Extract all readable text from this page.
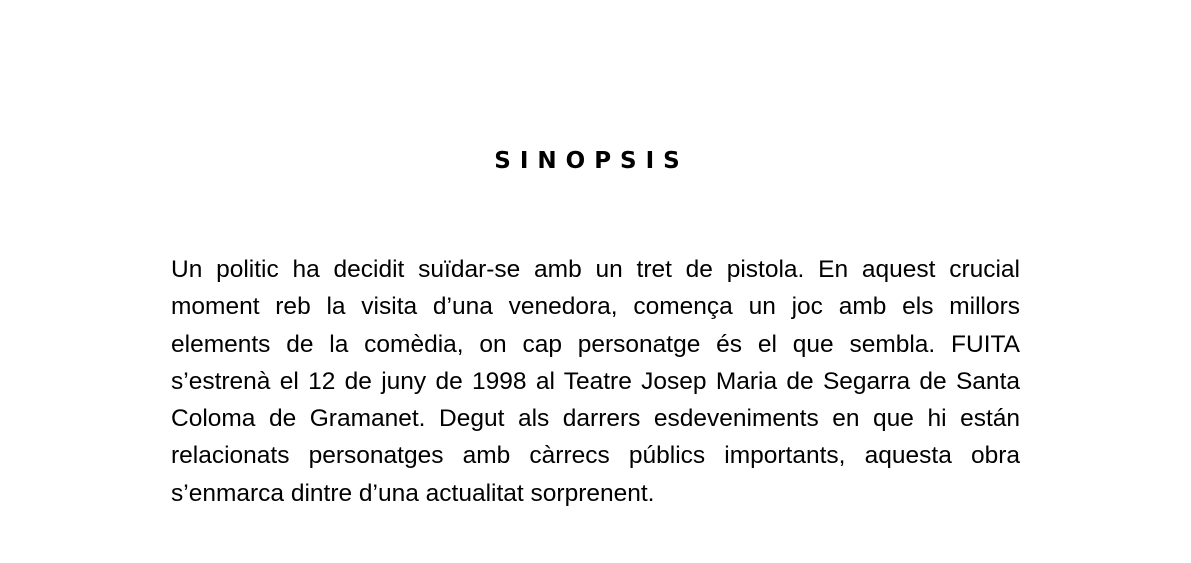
SINOPSIS

Un politic ha decidit suïdar-se amb un tret de pistola. En aquest crucial moment reb la visita d’una venedora, comença un joc amb els millors elements de la comèdia, on cap personatge és el que sembla. FUITA s’estrenà el 12 de juny de 1998 al Teatre Josep Maria de Segarra de Santa Coloma de Gramanet. Degut als darrers esdeveniments en que hi están relacionats personatges amb càrrecs públics importants, aquesta obra s’enmarca dintre d’una actualitat sorprenent.
